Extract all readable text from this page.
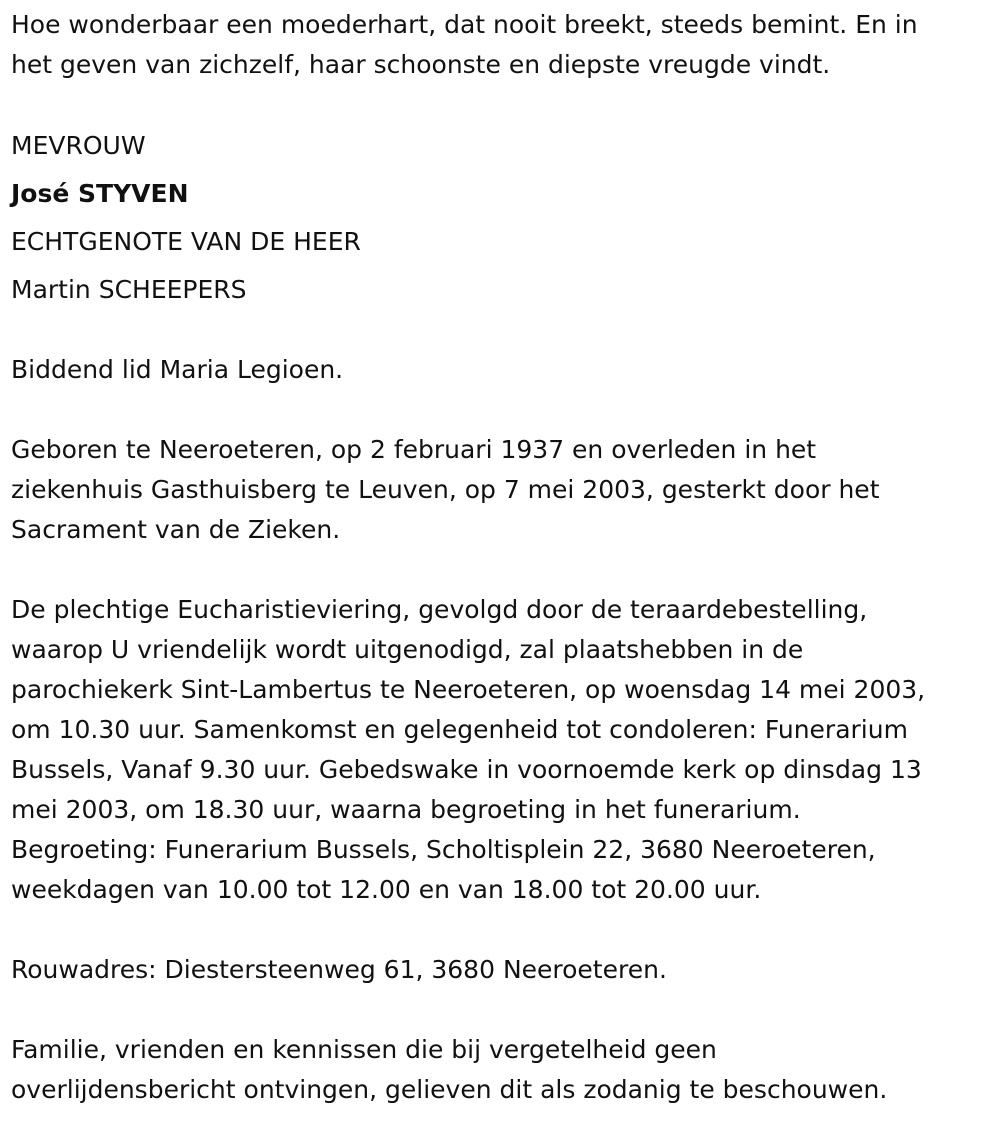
Hoe wonderbaar een moederhart, dat nooit breekt, steeds bemint. En in
het geven van zichzelf, haar schoonste en diepste vreugde vindt.

MEVROUW

José STYVEN

ECHTGENOTE VAN DE HEER

Martin SCHEEPERS

Biddend lid Maria Legioen.

Geboren te Neeroeteren, op 2 februari 1937 en overleden in het
ziekenhuis Gasthuisberg te Leuven, op 7 mei 2003, gesterkt door het
Sacrament van de Zieken.

De plechtige Eucharistieviering, gevolgd door de teraardebestelling,
waarop U vriendelijk wordt uitgenodigd, zal plaatshebben in de
parochiekerk Sint-Lambertus te Neeroeteren, op woensdag 14 mei 2003,
om 10.30 uur. Samenkomst en gelegenheid tot condoleren: Funerarium
Bussels, Vanaf 9.30 uur. Gebedswake in voornoemde kerk op dinsdag 13
mei 2003, om 18.30 uur, waarna begroeting in het funerarium.
Begroeting: Funerarium Bussels, Scholtisplein 22, 3680 Neeroeteren,
weekdagen van 10.00 tot 12.00 en van 18.00 tot 20.00 uur.

Rouwadres: Diestersteenweg 61, 3680 Neeroeteren.

Familie, vrienden en kennissen die bij vergetelheid geen
overlijdensbericht ontvingen, gelieven dit als zodanig te beschouwen.
